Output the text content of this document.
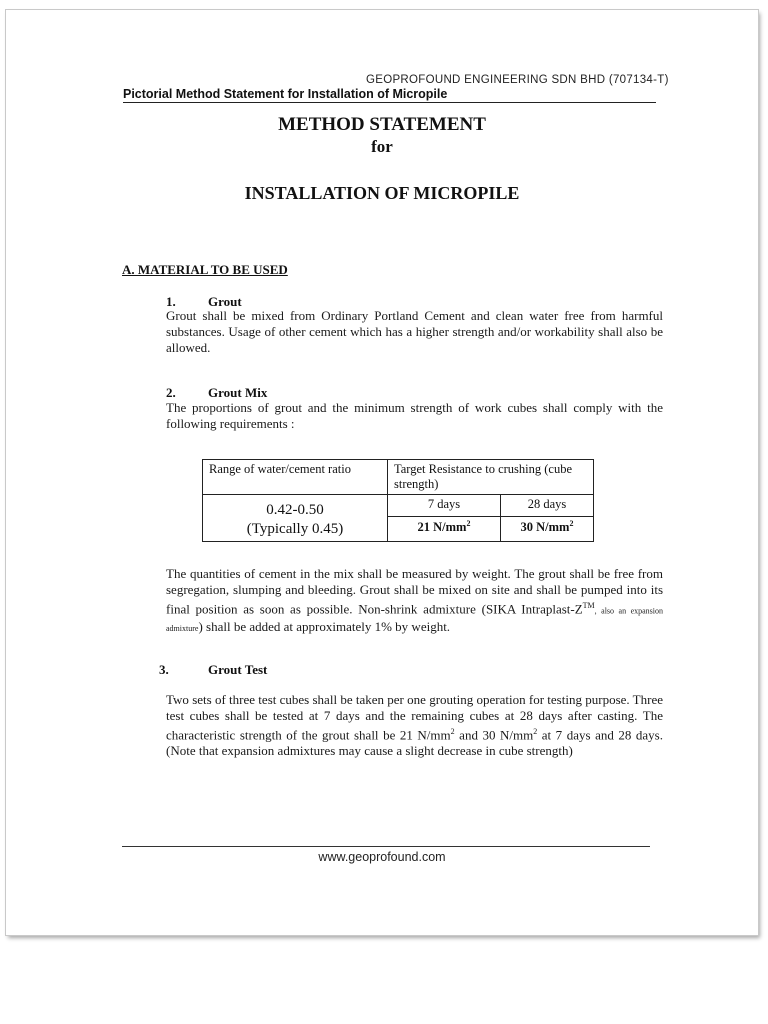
GEOPROFOUND ENGINEERING SDN BHD (707134-T)
Pictorial Method Statement for Installation of Micropile
METHOD STATEMENT
for
INSTALLATION OF MICROPILE
A. MATERIAL TO BE USED
1. Grout
Grout shall be mixed from Ordinary Portland Cement and clean water free from harmful substances. Usage of other cement which has a higher strength and/or workability shall also be allowed.
2. Grout Mix
The proportions of grout and the minimum strength of work cubes shall comply with the following requirements :
Range of water/cement ratio	Target Resistance to crushing (cube strength)	

0.42-0.50
(Typically 0.45)	7 days	28 days
	21 $N/mm^2$	30 $N/mm^2$
The quantities of cement in the mix shall be measured by weight. The grout shall be free from segregation, slumping and bleeding. Grout shall be mixed on site and shall be pumped into its final position as soon as possible. Non-shrink admixture (SIKA Intraplast-Z™, also an expansion admixture) shall be added at approximately 1% by weight.
3.	Grout Test
Two sets of three test cubes shall be taken per one grouting operation for testing purpose. Three test cubes shall be tested at 7 days and the remaining cubes at 28 days after casting. The characteristic strength of the grout shall be 21 $N/mm^2$ and 30 $N/mm^2$ at 7 days and 28 days. (Note that expansion admixtures may cause a slight decrease in cube strength)
www.geoprofound.com
